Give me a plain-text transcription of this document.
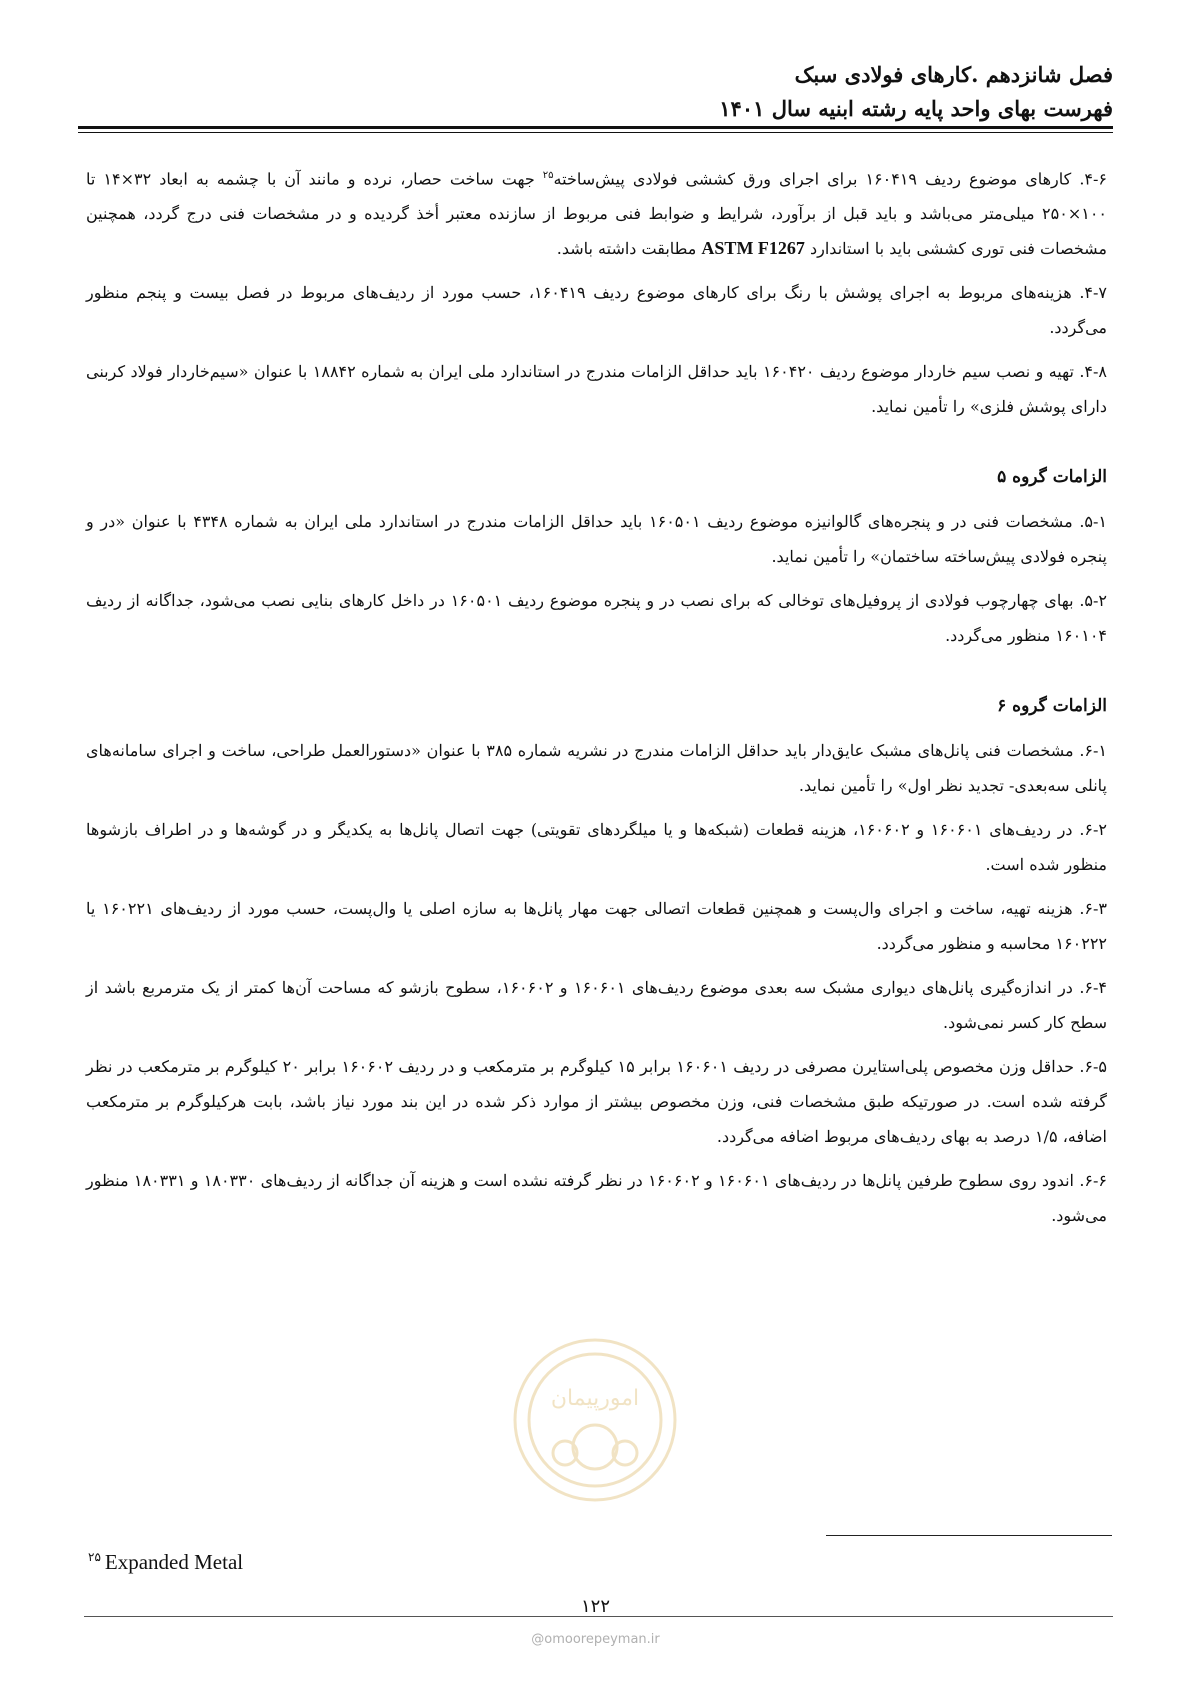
فصل شانزدهم .کارهای فولادی سبک
فهرست بهای واحد پایه رشته ابنیه سال ۱۴۰۱

۴-۶. کارهای موضوع ردیف ۱۶۰۴۱۹ برای اجرای ورق کششی فولادی پیش‌ساخته$^{۲۵}$ جهت ساخت حصار، نرده و مانند آن با چشمه به ابعاد ۳۲×۱۴ تا ۱۰۰×۲۵۰ میلی‌متر می‌باشد و باید قبل از برآورد، شرایط و ضوابط فنی مربوط از سازنده معتبر أخذ گردیده و در مشخصات فنی درج گردد، همچنین مشخصات فنی توری کششی باید با استاندارد ASTM F1267 مطابقت داشته باشد.

۴-۷. هزینه‌های مربوط به اجرای پوشش با رنگ برای کارهای موضوع ردیف ۱۶۰۴۱۹، حسب مورد از ردیف‌های مربوط در فصل بیست و پنجم منظور می‌گردد.

۴-۸. تهیه و نصب سیم خاردار موضوع ردیف ۱۶۰۴۲۰ باید حداقل الزامات مندرج در استاندارد ملی ایران به شماره ۱۸۸۴۲ با عنوان «سیم‌خاردار فولاد کربنی دارای پوشش فلزی» را تأمین نماید.

الزامات گروه ۵

۵-۱. مشخصات فنی در و پنجره‌های گالوانیزه موضوع ردیف ۱۶۰۵۰۱ باید حداقل الزامات مندرج در استاندارد ملی ایران به شماره ۴۳۴۸ با عنوان «در و پنجره فولادی پیش‌ساخته ساختمان» را تأمین نماید.

۵-۲. بهای چهارچوب فولادی از پروفیل‌های توخالی که برای نصب در و پنجره موضوع ردیف ۱۶۰۵۰۱ در داخل کارهای بنایی نصب می‌شود، جداگانه از ردیف ۱۶۰۱۰۴ منظور می‌گردد.

الزامات گروه ۶

۶-۱. مشخصات فنی پانل‌های مشبک عایق‌دار باید حداقل الزامات مندرج در نشریه شماره ۳۸۵ با عنوان «دستورالعمل طراحی، ساخت و اجرای سامانه‌های پانلی سه‌بعدی- تجدید نظر اول» را تأمین نماید.

۶-۲. در ردیف‌های ۱۶۰۶۰۱ و ۱۶۰۶۰۲، هزینه قطعات (شبکه‌ها و یا میلگردهای تقویتی) جهت اتصال پانل‌ها به یکدیگر و در گوشه‌ها و در اطراف بازشوها منظور شده است.

۶-۳. هزینه تهیه، ساخت و اجرای وال‌پست و همچنین قطعات اتصالی جهت مهار پانل‌ها به سازه اصلی یا وال‌پست، حسب مورد از ردیف‌های ۱۶۰۲۲۱ یا ۱۶۰۲۲۲ محاسبه و منظور می‌گردد.

۶-۴. در اندازه‌گیری پانل‌های دیواری مشبک سه بعدی موضوع ردیف‌های ۱۶۰۶۰۱ و ۱۶۰۶۰۲، سطوح بازشو که مساحت آن‌ها کمتر از یک مترمربع باشد از سطح کار کسر نمی‌شود.

۶-۵. حداقل وزن مخصوص پلی‌استایرن مصرفی در ردیف ۱۶۰۶۰۱ برابر ۱۵ کیلوگرم بر مترمکعب و در ردیف ۱۶۰۶۰۲ برابر ۲۰ کیلوگرم بر مترمکعب در نظر گرفته شده است. در صورتیکه طبق مشخصات فنی، وزن مخصوص بیشتر از موارد ذکر شده در این بند مورد نیاز باشد، بابت هرکیلوگرم بر مترمکعب اضافه، ۱/۵ درصد به بهای ردیف‌های مربوط اضافه می‌گردد.

۶-۶. اندود روی سطوح طرفین پانل‌ها در ردیف‌های ۱۶۰۶۰۱ و ۱۶۰۶۰۲ در نظر گرفته نشده است و هزینه آن جداگانه از ردیف‌های ۱۸۰۳۳۰ و ۱۸۰۳۳۱ منظور می‌شود.

امورپیمان
$^{۲۵}$ Expanded Metal
۱۲۲
@omoorepeyman.ir
